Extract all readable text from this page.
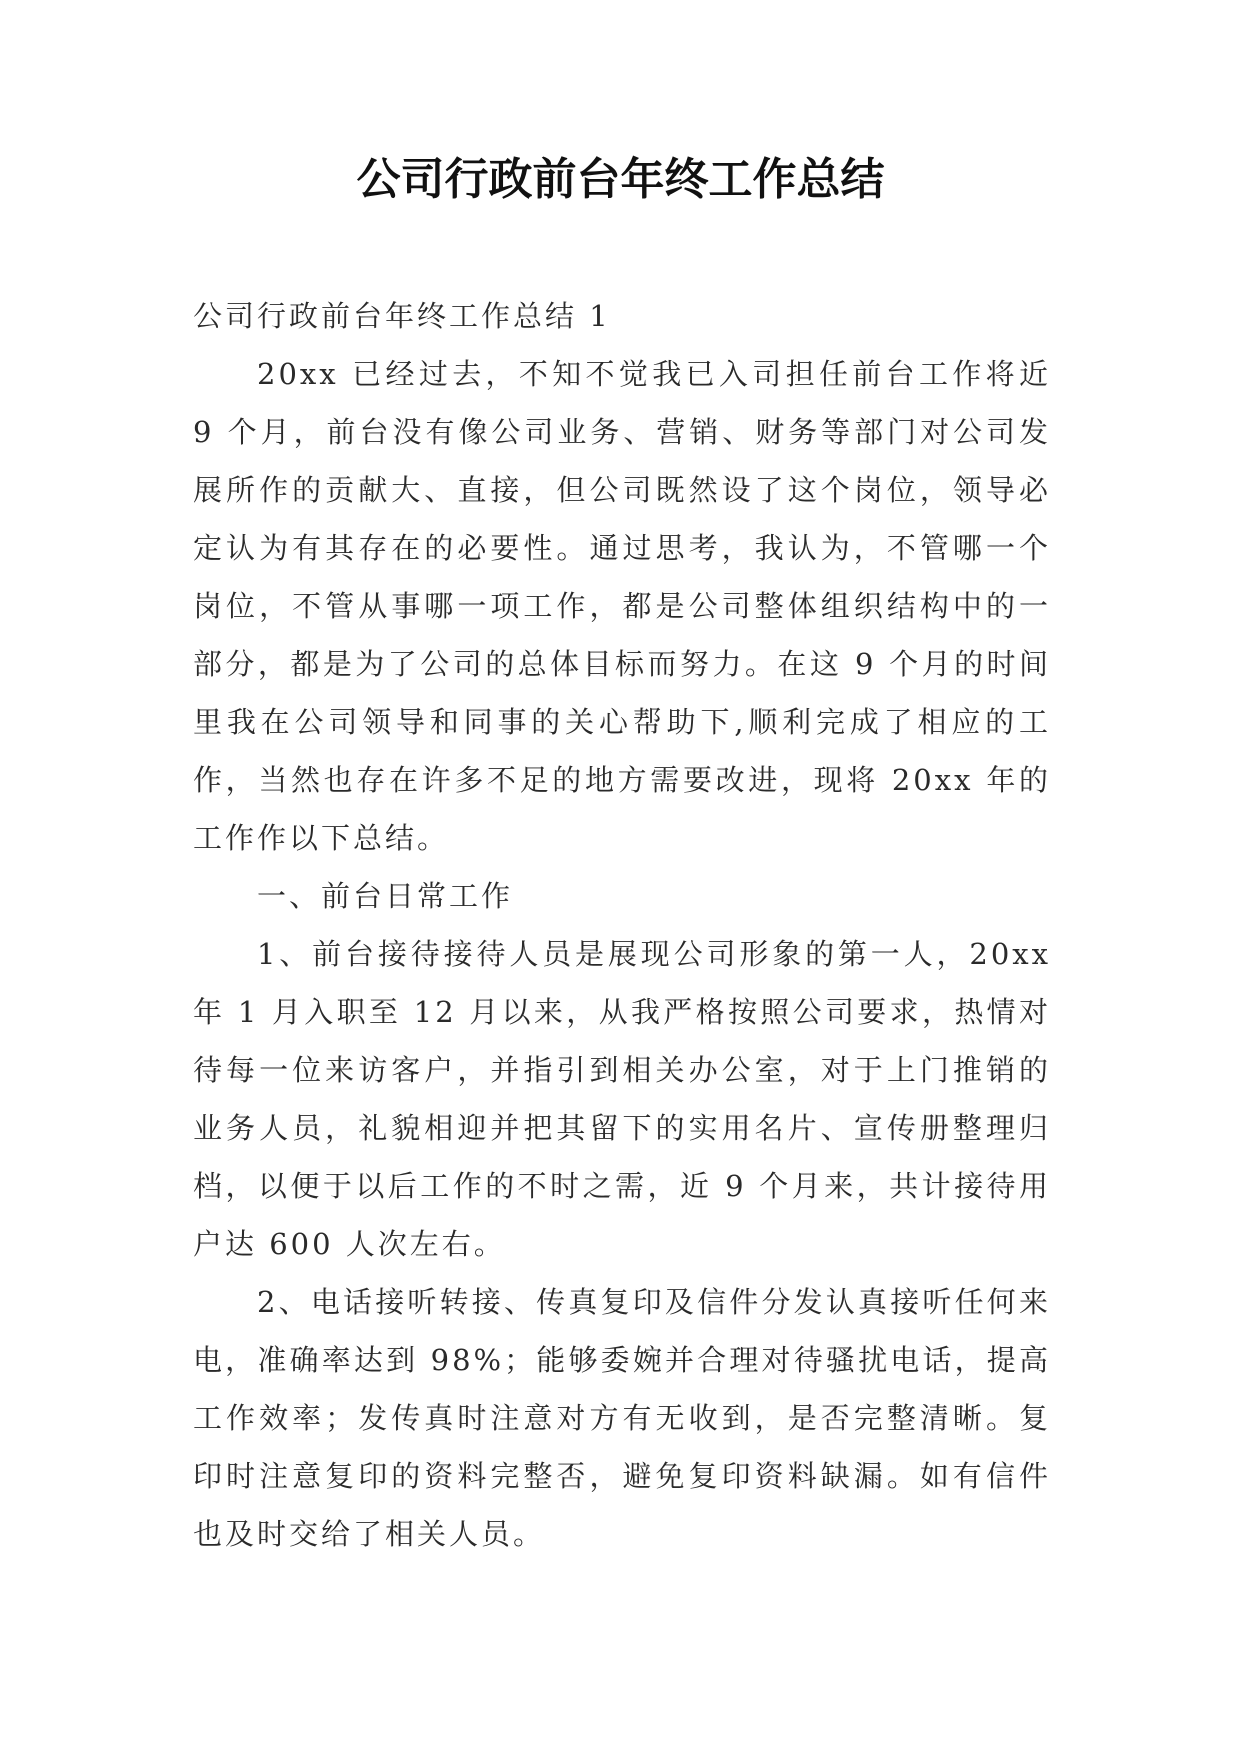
公司行政前台年终工作总结

公司行政前台年终工作总结 1

20xx 已经过去，不知不觉我已入司担任前台工作将近 9 个月，前台没有像公司业务、营销、财务等部门对公司发展所作的贡献大、直接，但公司既然设了这个岗位，领导必定认为有其存在的必要性。通过思考，我认为，不管哪一个岗位，不管从事哪一项工作，都是公司整体组织结构中的一部分，都是为了公司的总体目标而努力。在这 9 个月的时间里我在公司领导和同事的关心帮助下,顺利完成了相应的工作，当然也存在许多不足的地方需要改进，现将 20xx 年的工作作以下总结。

一、前台日常工作

1、前台接待接待人员是展现公司形象的第一人，20xx 年 1 月入职至 12 月以来，从我严格按照公司要求，热情对待每一位来访客户，并指引到相关办公室，对于上门推销的业务人员，礼貌相迎并把其留下的实用名片、宣传册整理归档，以便于以后工作的不时之需，近 9 个月来，共计接待用户达 600 人次左右。

2、电话接听转接、传真复印及信件分发认真接听任何来电，准确率达到 98%；能够委婉并合理对待骚扰电话，提高工作效率；发传真时注意对方有无收到，是否完整清晰。复印时注意复印的资料完整否，避免复印资料缺漏。如有信件也及时交给了相关人员。
